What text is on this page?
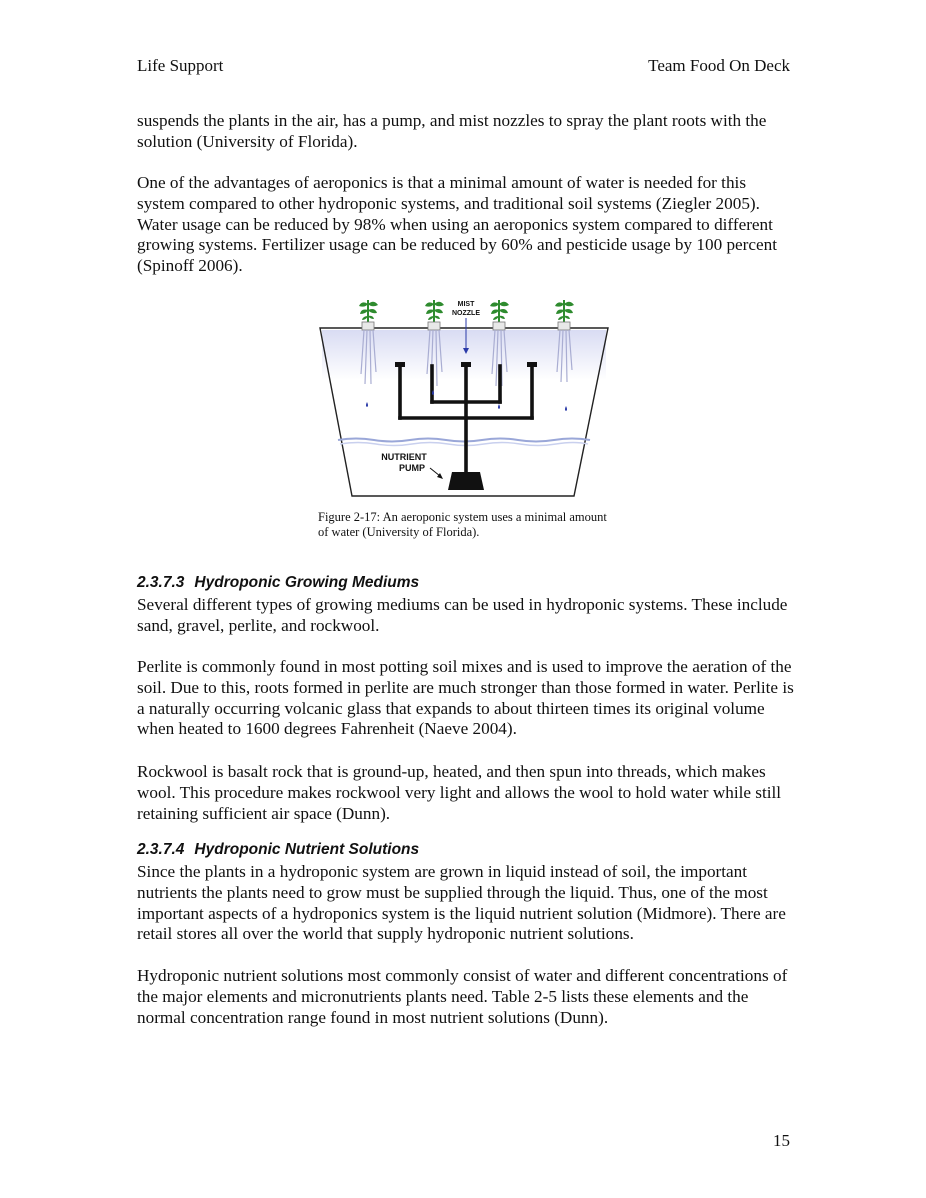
Life Support	Team Food On Deck

suspends the plants in the air, has a pump, and mist nozzles to spray the plant roots with the solution (University of Florida).

One of the advantages of aeroponics is that a minimal amount of water is needed for this system compared to other hydroponic systems, and traditional soil systems (Ziegler 2005). Water usage can be reduced by 98% when using an aeroponics system compared to different growing systems. Fertilizer usage can be reduced by 60% and pesticide usage by 100 percent (Spinoff 2006).

MIST
NOZZLE
NUTRIENT
PUMP

Figure 2-17: An aeroponic system uses a minimal amount of water (University of Florida).

2.3.7.3 Hydroponic Growing Mediums

Several different types of growing mediums can be used in hydroponic systems. These include sand, gravel, perlite, and rockwool.

Perlite is commonly found in most potting soil mixes and is used to improve the aeration of the soil. Due to this, roots formed in perlite are much stronger than those formed in water. Perlite is a naturally occurring volcanic glass that expands to about thirteen times its original volume when heated to 1600 degrees Fahrenheit (Naeve 2004).

Rockwool is basalt rock that is ground-up, heated, and then spun into threads, which makes wool. This procedure makes rockwool very light and allows the wool to hold water while still retaining sufficient air space (Dunn).

2.3.7.4 Hydroponic Nutrient Solutions

Since the plants in a hydroponic system are grown in liquid instead of soil, the important nutrients the plants need to grow must be supplied through the liquid. Thus, one of the most important aspects of a hydroponics system is the liquid nutrient solution (Midmore). There are retail stores all over the world that supply hydroponic nutrient solutions.

Hydroponic nutrient solutions most commonly consist of water and different concentrations of the major elements and micronutrients plants need. Table 2-5 lists these elements and the normal concentration range found in most nutrient solutions (Dunn).

15
